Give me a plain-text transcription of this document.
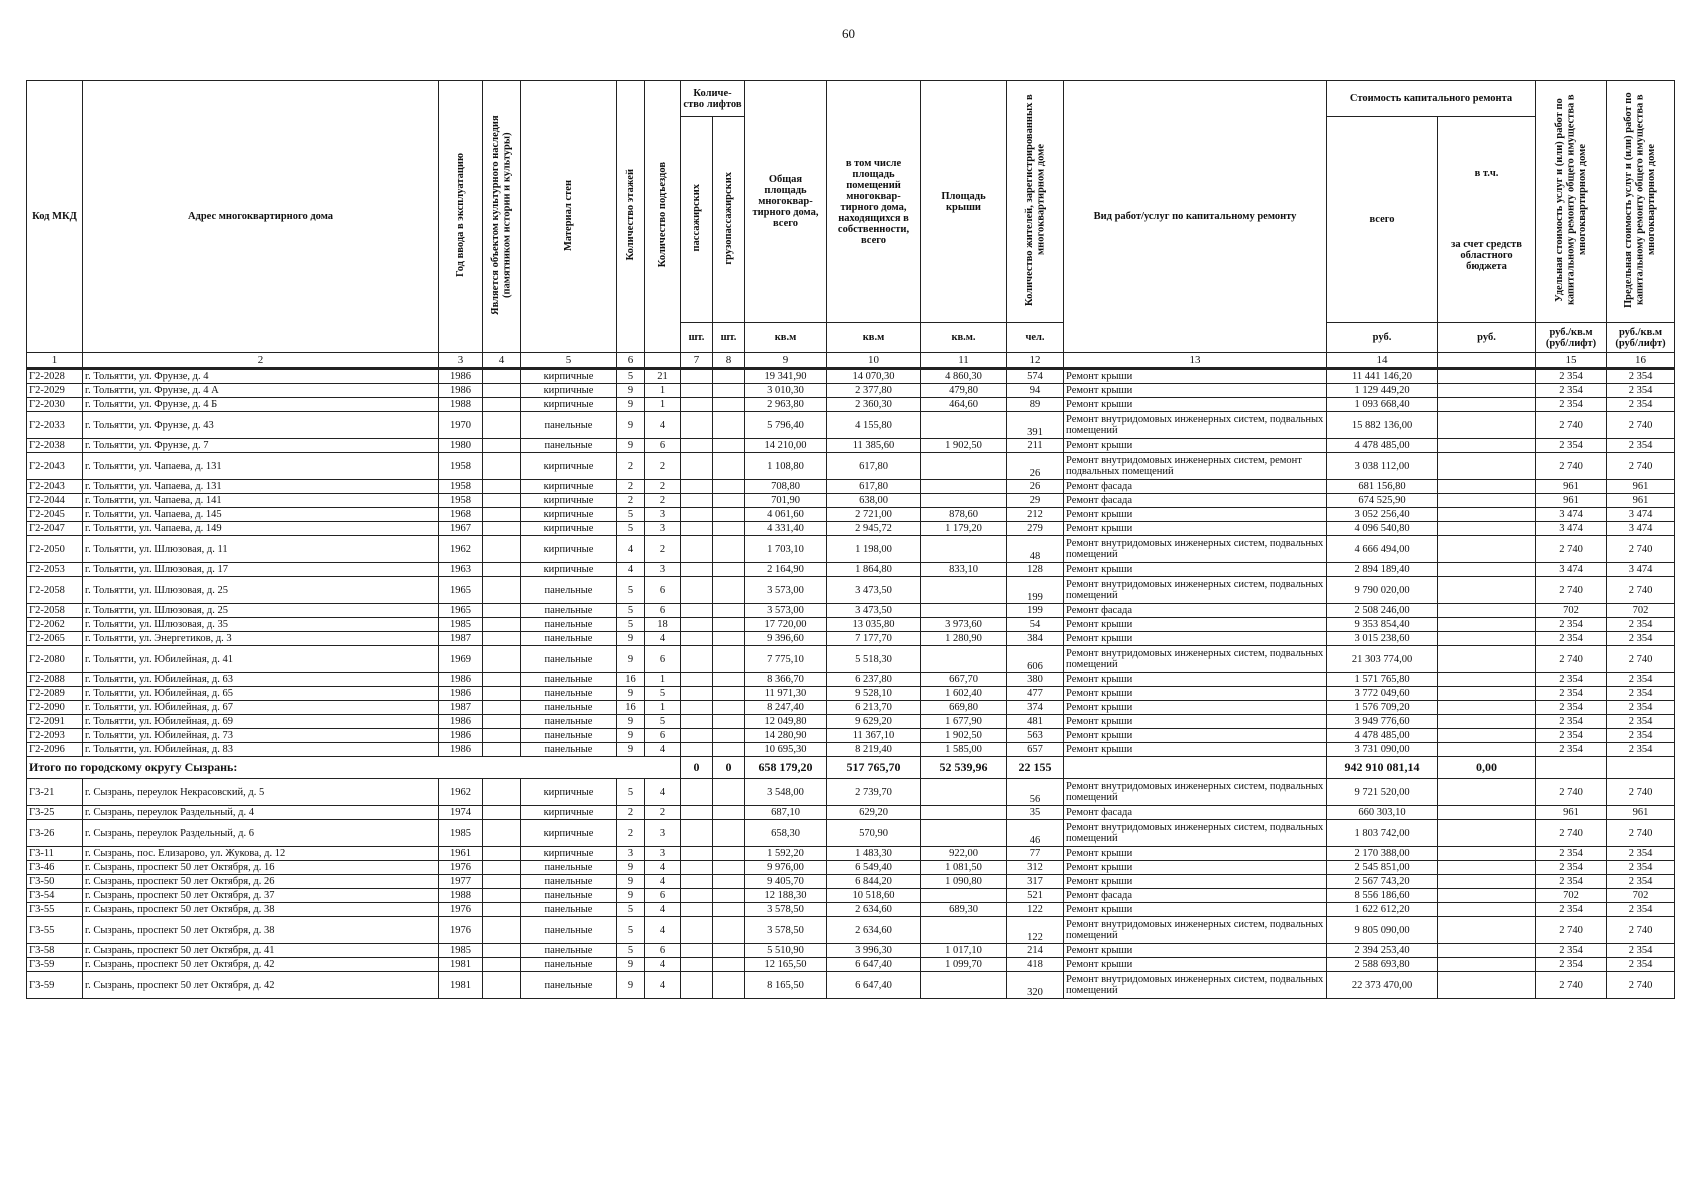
60
Код МКД	Адрес многоквартирного дома	Год ввода в эксплуатацию	Является объектом культурного наследия (памятником истории и культуры)	Материал стен	Количество этажей	Количество подъездов	Количе- ство лифтов		Общая площадь многоквар- тирного дома, всего	в том числе площадь помещений многоквар- тирного дома, находящихся в собственности, всего	Площадь крыши	Количество жителей, зарегистрированных в многоквартирном доме	Вид работ/услуг по капитальному ремонту	Стоимость капитального ремонта		Удельная стоимость услуг и (или) работ по капитальному ремонту общего имущества в многоквартирном доме	Предельная стоимость услуг и (или) работ по капитальному ремонту общего имущества в многоквартирном доме
							пассажирских	грузопассажирских						всего	в т.ч.
за счет средств областного бюджета		

							шт.	шт.	кв.м	кв.м	кв.м.	чел.		руб.	руб.	руб./кв.м (руб/лифт)	руб./кв.м (руб/лифт)
1	2	3	4	5	6		7	8	9	10	11	12	13	14		15	16
Г2-2028	г. Тольятти, ул. Фрунзе, д. 4	1986		кирпичные	5	21			19 341,90	14 070,30	4 860,30	574	Ремонт крыши	11 441 146,20		2 354	2 354
Г2-2029	г. Тольятти, ул. Фрунзе, д. 4 А	1986		кирпичные	9	1			3 010,30	2 377,80	479,80	94	Ремонт крыши	1 129 449,20		2 354	2 354
Г2-2030	г. Тольятти, ул. Фрунзе, д. 4 Б	1988		кирпичные	9	1			2 963,80	2 360,30	464,60	89	Ремонт крыши	1 093 668,40		2 354	2 354
Г2-2033	г. Тольятти, ул. Фрунзе, д. 43	1970		панельные	9	4			5 796,40	4 155,80		391	Ремонт внутридомовых инженерных систем, подвальных помещений	15 882 136,00		2 740	2 740
Г2-2038	г. Тольятти, ул. Фрунзе, д. 7	1980		панельные	9	6			14 210,00	11 385,60	1 902,50	211	Ремонт крыши	4 478 485,00		2 354	2 354
Г2-2043	г. Тольятти, ул. Чапаева, д. 131	1958		кирпичные	2	2			1 108,80	617,80		26	Ремонт внутридомовых инженерных систем, ремонт подвальных помещений	3 038 112,00		2 740	2 740
Г2-2043	г. Тольятти, ул. Чапаева, д. 131	1958		кирпичные	2	2			708,80	617,80		26	Ремонт фасада	681 156,80		961	961
Г2-2044	г. Тольятти, ул. Чапаева, д. 141	1958		кирпичные	2	2			701,90	638,00		29	Ремонт фасада	674 525,90		961	961
Г2-2045	г. Тольятти, ул. Чапаева, д. 145	1968		кирпичные	5	3			4 061,60	2 721,00	878,60	212	Ремонт крыши	3 052 256,40		3 474	3 474
Г2-2047	г. Тольятти, ул. Чапаева, д. 149	1967		кирпичные	5	3			4 331,40	2 945,72	1 179,20	279	Ремонт крыши	4 096 540,80		3 474	3 474
Г2-2050	г. Тольятти, ул. Шлюзовая, д. 11	1962		кирпичные	4	2			1 703,10	1 198,00		48	Ремонт внутридомовых инженерных систем, подвальных помещений	4 666 494,00		2 740	2 740
Г2-2053	г. Тольятти, ул. Шлюзовая, д. 17	1963		кирпичные	4	3			2 164,90	1 864,80	833,10	128	Ремонт крыши	2 894 189,40		3 474	3 474
Г2-2058	г. Тольятти, ул. Шлюзовая, д. 25	1965		панельные	5	6			3 573,00	3 473,50		199	Ремонт внутридомовых инженерных систем, подвальных помещений	9 790 020,00		2 740	2 740
Г2-2058	г. Тольятти, ул. Шлюзовая, д. 25	1965		панельные	5	6			3 573,00	3 473,50		199	Ремонт фасада	2 508 246,00		702	702
Г2-2062	г. Тольятти, ул. Шлюзовая, д. 35	1985		панельные	5	18			17 720,00	13 035,80	3 973,60	54	Ремонт крыши	9 353 854,40		2 354	2 354
Г2-2065	г. Тольятти, ул. Энергетиков, д. 3	1987		панельные	9	4			9 396,60	7 177,70	1 280,90	384	Ремонт крыши	3 015 238,60		2 354	2 354
Г2-2080	г. Тольятти, ул. Юбилейная, д. 41	1969		панельные	9	6			7 775,10	5 518,30		606	Ремонт внутридомовых инженерных систем, подвальных помещений	21 303 774,00		2 740	2 740
Г2-2088	г. Тольятти, ул. Юбилейная, д. 63	1986		панельные	16	1			8 366,70	6 237,80	667,70	380	Ремонт крыши	1 571 765,80		2 354	2 354
Г2-2089	г. Тольятти, ул. Юбилейная, д. 65	1986		панельные	9	5			11 971,30	9 528,10	1 602,40	477	Ремонт крыши	3 772 049,60		2 354	2 354
Г2-2090	г. Тольятти, ул. Юбилейная, д. 67	1987		панельные	16	1			8 247,40	6 213,70	669,80	374	Ремонт крыши	1 576 709,20		2 354	2 354
Г2-2091	г. Тольятти, ул. Юбилейная, д. 69	1986		панельные	9	5			12 049,80	9 629,20	1 677,90	481	Ремонт крыши	3 949 776,60		2 354	2 354
Г2-2093	г. Тольятти, ул. Юбилейная, д. 73	1986		панельные	9	6			14 280,90	11 367,10	1 902,50	563	Ремонт крыши	4 478 485,00		2 354	2 354
Г2-2096	г. Тольятти, ул. Юбилейная, д. 83	1986		панельные	9	4			10 695,30	8 219,40	1 585,00	657	Ремонт крыши	3 731 090,00		2 354	2 354
Итого по городскому округу Сызрань:							0	0	658 179,20	517 765,70	52 539,96	22 155		942 910 081,14	0,00		
Г3-21	г. Сызрань, переулок Некрасовский, д. 5	1962		кирпичные	5	4			3 548,00	2 739,70		56	Ремонт внутридомовых инженерных систем, подвальных помещений	9 721 520,00		2 740	2 740
Г3-25	г. Сызрань, переулок Раздельный, д. 4	1974		кирпичные	2	2			687,10	629,20		35	Ремонт фасада	660 303,10		961	961
Г3-26	г. Сызрань, переулок Раздельный, д. 6	1985		кирпичные	2	3			658,30	570,90		46	Ремонт внутридомовых инженерных систем, подвальных помещений	1 803 742,00		2 740	2 740
Г3-11	г. Сызрань, пос. Елизарово, ул. Жукова, д. 12	1961		кирпичные	3	3			1 592,20	1 483,30	922,00	77	Ремонт крыши	2 170 388,00		2 354	2 354
Г3-46	г. Сызрань, проспект 50 лет Октября, д. 16	1976		панельные	9	4			9 976,00	6 549,40	1 081,50	312	Ремонт крыши	2 545 851,00		2 354	2 354
Г3-50	г. Сызрань, проспект 50 лет Октября, д. 26	1977		панельные	9	4			9 405,70	6 844,20	1 090,80	317	Ремонт крыши	2 567 743,20		2 354	2 354
Г3-54	г. Сызрань, проспект 50 лет Октября, д. 37	1988		панельные	9	6			12 188,30	10 518,60		521	Ремонт фасада	8 556 186,60		702	702
Г3-55	г. Сызрань, проспект 50 лет Октября, д. 38	1976		панельные	5	4			3 578,50	2 634,60	689,30	122	Ремонт крыши	1 622 612,20		2 354	2 354
Г3-55	г. Сызрань, проспект 50 лет Октября, д. 38	1976		панельные	5	4			3 578,50	2 634,60		122	Ремонт внутридомовых инженерных систем, подвальных помещений	9 805 090,00		2 740	2 740
Г3-58	г. Сызрань, проспект 50 лет Октября, д. 41	1985		панельные	5	6			5 510,90	3 996,30	1 017,10	214	Ремонт крыши	2 394 253,40		2 354	2 354
Г3-59	г. Сызрань, проспект 50 лет Октября, д. 42	1981		панельные	9	4			12 165,50	6 647,40	1 099,70	418	Ремонт крыши	2 588 693,80		2 354	2 354
Г3-59	г. Сызрань, проспект 50 лет Октября, д. 42	1981		панельные	9	4			8 165,50	6 647,40		320	Ремонт внутридомовых инженерных систем, подвальных помещений	22 373 470,00		2 740	2 740
